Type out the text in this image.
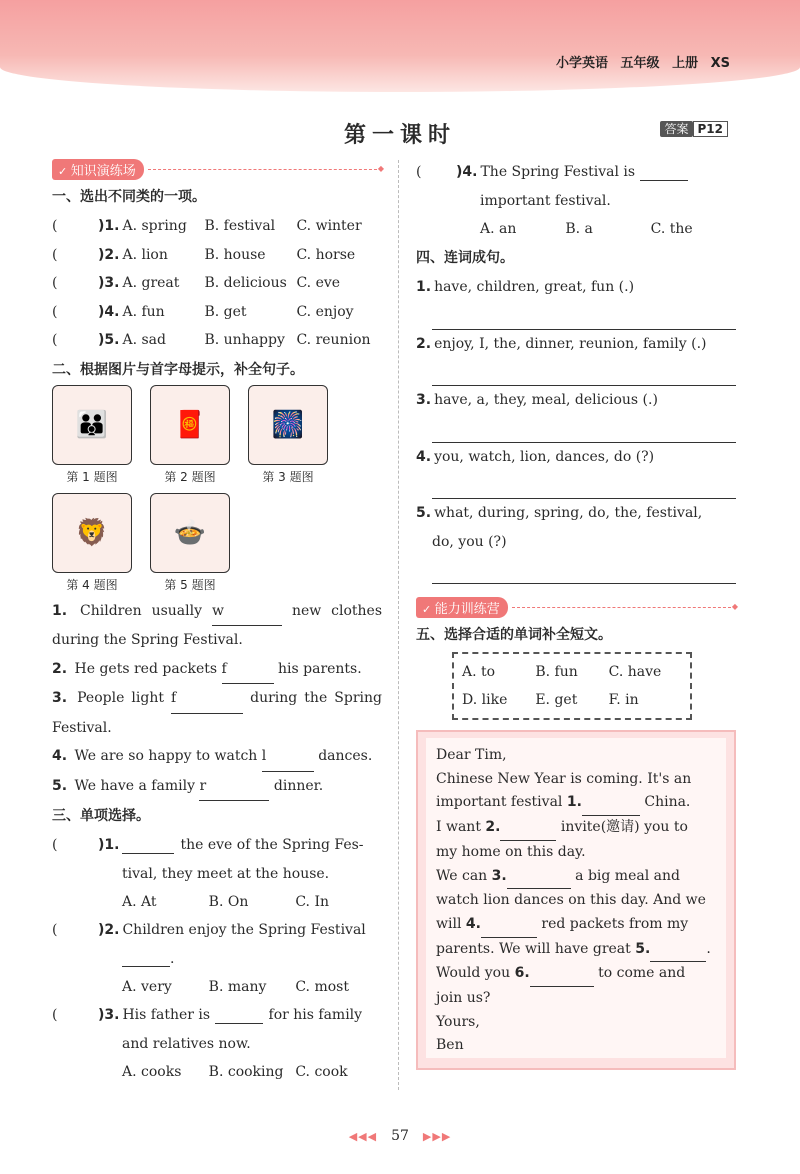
小学英语 五年级 上册 XS
第一课时	答案 P12
✓ 知识演练场
◆
一、选出不同类的一项。
(	)1. A. spring	B. festival	C. winter
(	)2. A. lion	B. house	C. horse
(	)3. A. great	B. delicious C. eve
(	)4. A. fun	B. get	C. enjoy
(	)5. A. sad	B. unhappy C. reunion
二、根据图片与首字母提示，补全句子。
👪
第 1 题图
🧧
第 2 题图
🎆
第 3 题图
🦁
第 4 题图
🍲
第 5 题图
1. Children usually w	new clothes during the Spring Festival.
2. He gets red packets f	his parents.
3. People light f	during the Spring Festival.
4. We are so happy to watch l	dances.
5. We have a family r	dinner.
三、单项选择。
(	)1.
	the eve of the Spring Fes-
tival, they meet at the house.
A. At	B. On	C. In
(	)2. Children enjoy the Spring Festival

.
A. very	B. many	C. most
(	)3. His father is

	for his family
and relatives now.
A. cooks	B. cooking C. cook
(	)4. The Spring Festival is

important festival.
A. an	B. a	C. the
四、连词成句。
1. have, children, great, fun (.)
2. enjoy, I, the, dinner, reunion, family (.)
3. have, a, they, meal, delicious (.)
4. you, watch, lion, dances, do (?)
5. what, during, spring, do, the, festival,
do, you (?)
✓ 能力训练营
◆
五、选择合适的单词补全短文。
A. to	B. fun	C. have
D. like	E. get	F. in
Dear Tim,
Chinese New Year is coming. It's an
important festival 1.	China.
I want 2.	invite(邀请) you to
my home on this day.
We can 3.	a big meal and
watch lion dances on this day. And we
will 4.	red packets from my
parents. We will have great 5.	.
Would you 6.	to come and
join us?
Yours,
Ben
◀◀◀ 57 ▶▶▶
